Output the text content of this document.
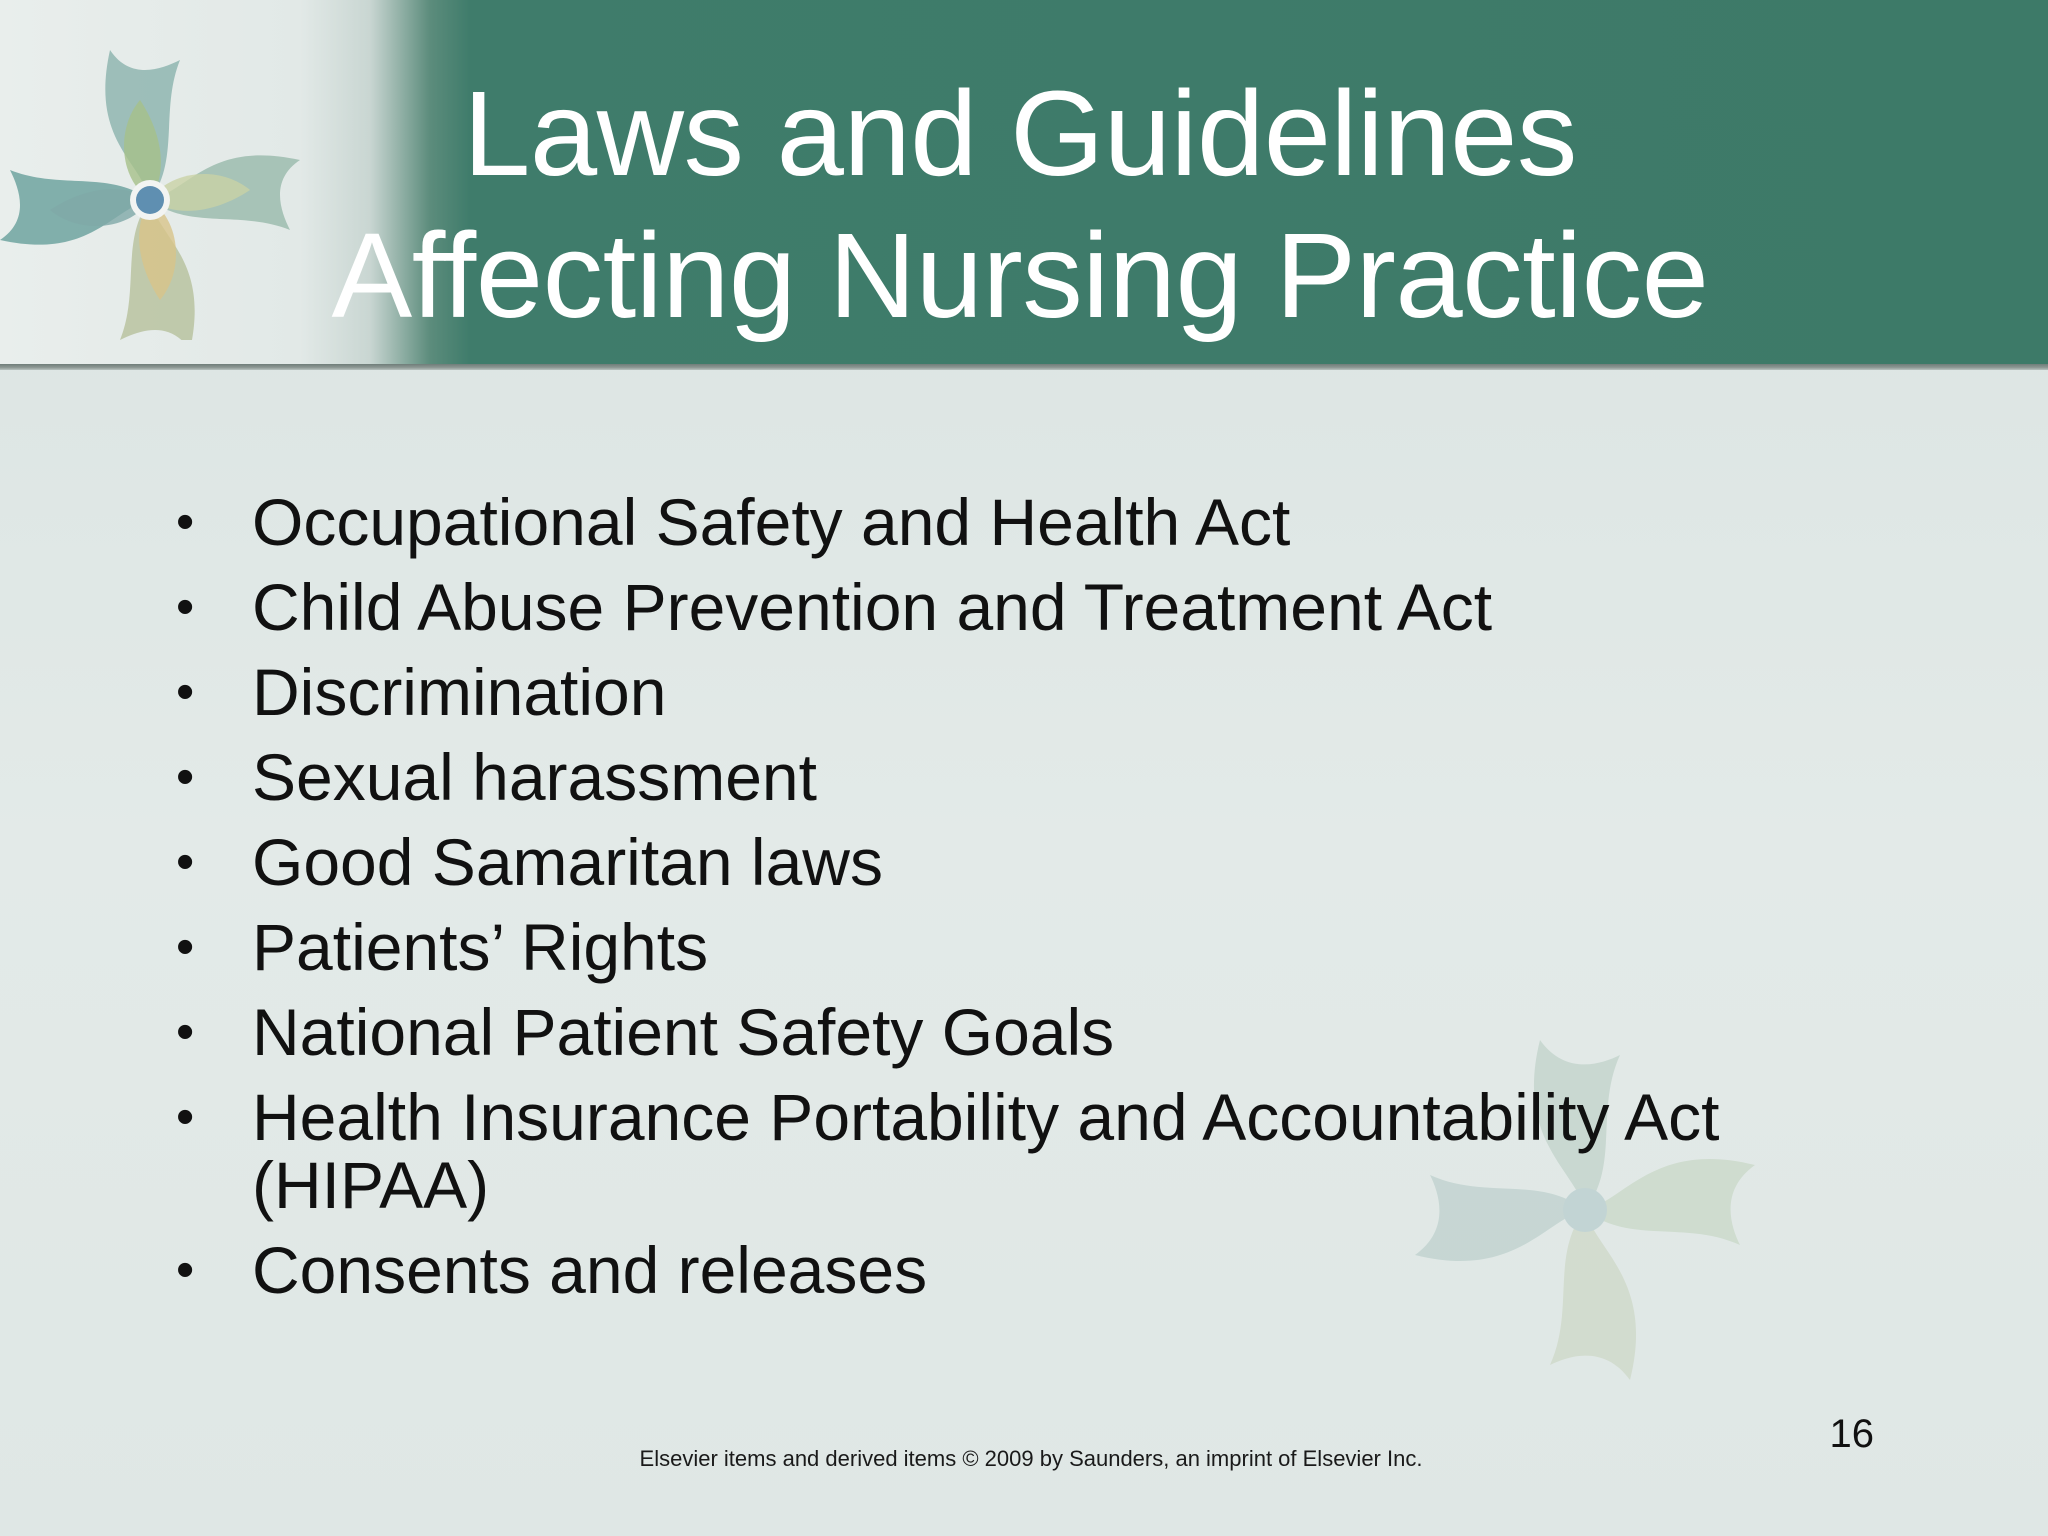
Laws and Guidelines
Affecting Nursing Practice
• Occupational Safety and Health Act
• Child Abuse Prevention and Treatment Act
• Discrimination
• Sexual harassment
• Good Samaritan laws
• Patients’ Rights
• National Patient Safety Goals
• Health Insurance Portability and Accountability Act (HIPAA)
• Consents and releases
16
Elsevier items and derived items © 2009 by Saunders, an imprint of Elsevier Inc.
